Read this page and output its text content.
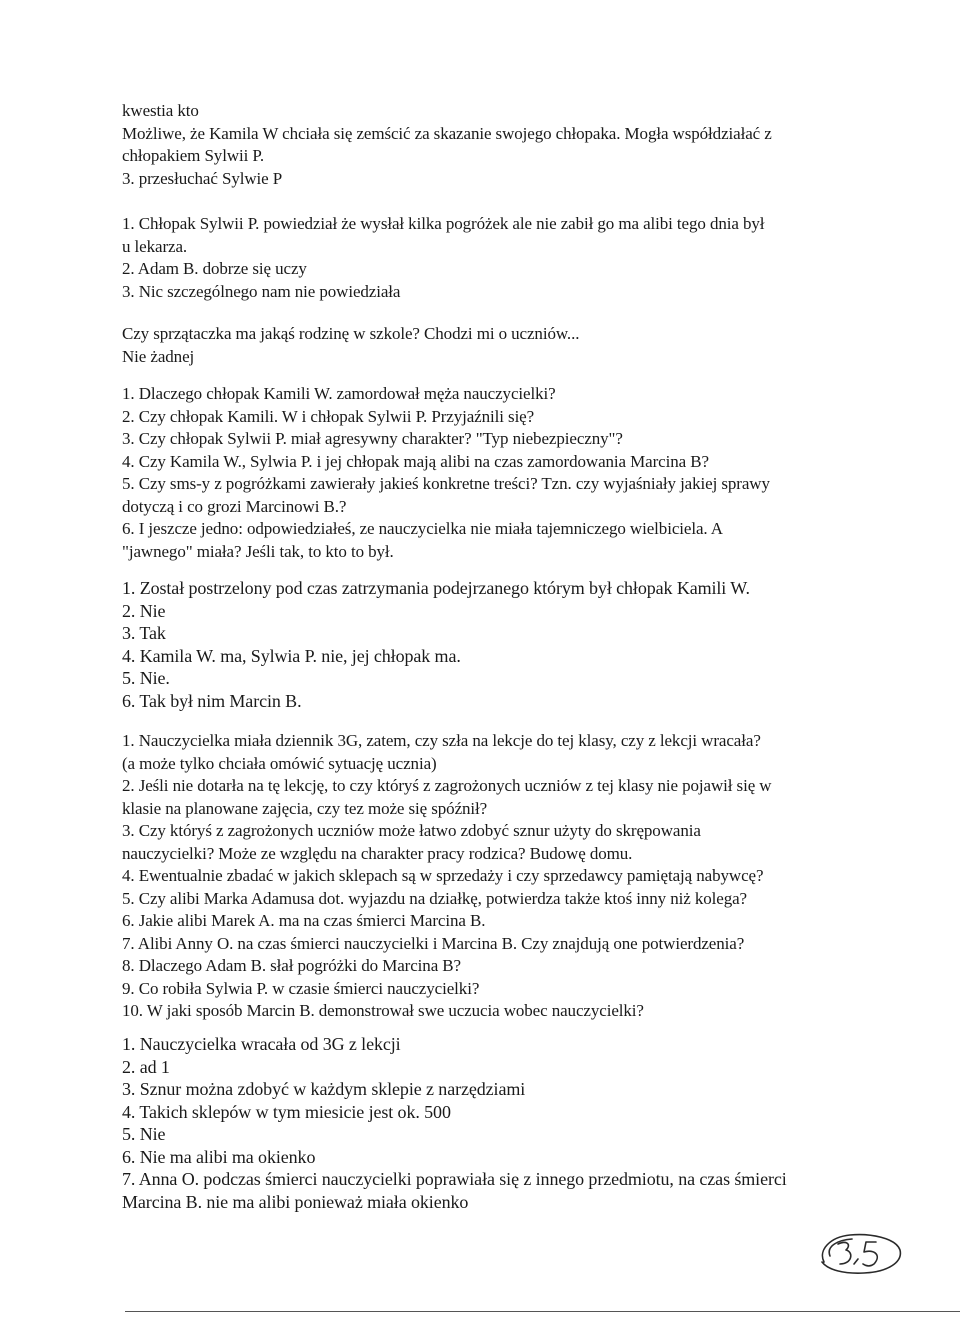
kwestia kto
Możliwe, że Kamila W chciała się zemścić za skazanie swojego chłopaka. Mogła współdziałać z
chłopakiem Sylwii P.
3. przesłuchać Sylwie P
1. Chłopak Sylwii P. powiedział że wysłał kilka pogróżek ale nie zabił go ma alibi tego dnia był
u lekarza.
2. Adam B. dobrze się uczy
3. Nic szczególnego nam nie powiedziała
Czy sprzątaczka ma jakąś rodzinę w szkole? Chodzi mi o uczniów...
Nie żadnej
1. Dlaczego chłopak Kamili W. zamordował męża nauczycielki?
2. Czy chłopak Kamili. W i chłopak Sylwii P. Przyjaźnili się?
3. Czy chłopak Sylwii P. miał agresywny charakter? "Typ niebezpieczny"?
4. Czy Kamila W., Sylwia P. i jej chłopak mają alibi na czas zamordowania Marcina B?
5. Czy sms-y z pogróżkami zawierały jakieś konkretne treści? Tzn. czy wyjaśniały jakiej sprawy
dotyczą i co grozi Marcinowi B.?
6. I jeszcze jedno: odpowiedziałeś, ze nauczycielka nie miała tajemniczego wielbiciela. A
"jawnego" miała? Jeśli tak, to kto to był.
1. Został postrzelony pod czas zatrzymania podejrzanego którym był chłopak Kamili W.
2. Nie
3. Tak
4. Kamila W. ma, Sylwia P. nie, jej chłopak ma.
5. Nie.
6. Tak był nim Marcin B.
1. Nauczycielka miała dziennik 3G, zatem, czy szła na lekcje do tej klasy, czy z lekcji wracała?
(a może tylko chciała omówić sytuację ucznia)
2. Jeśli nie dotarła na tę lekcję, to czy któryś z zagrożonych uczniów z tej klasy nie pojawił się w
klasie na planowane zajęcia, czy tez może się spóźnił?
3. Czy któryś z zagrożonych uczniów może łatwo zdobyć sznur użyty do skrępowania
nauczycielki? Może ze względu na charakter pracy rodzica? Budowę domu.
4. Ewentualnie zbadać w jakich sklepach są w sprzedaży i czy sprzedawcy pamiętają nabywcę?
5. Czy alibi Marka Adamusa dot. wyjazdu na działkę, potwierdza także ktoś inny niż kolega?
6. Jakie alibi Marek A. ma na czas śmierci Marcina B.
7. Alibi Anny O. na czas śmierci nauczycielki i Marcina B. Czy znajdują one potwierdzenia?
8. Dlaczego Adam B. słał pogróżki do Marcina B?
9. Co robiła Sylwia P. w czasie śmierci nauczycielki?
10. W jaki sposób Marcin B. demonstrował swe uczucia wobec nauczycielki?
1. Nauczycielka wracała od 3G z lekcji
2. ad 1
3. Sznur można zdobyć w każdym sklepie z narzędziami
4. Takich sklepów w tym miesicie jest ok. 500
5. Nie
6. Nie ma alibi ma okienko
7. Anna O. podczas śmierci nauczycielki poprawiała się z innego przedmiotu, na czas śmierci
Marcina B. nie ma alibi ponieważ miała okienko
